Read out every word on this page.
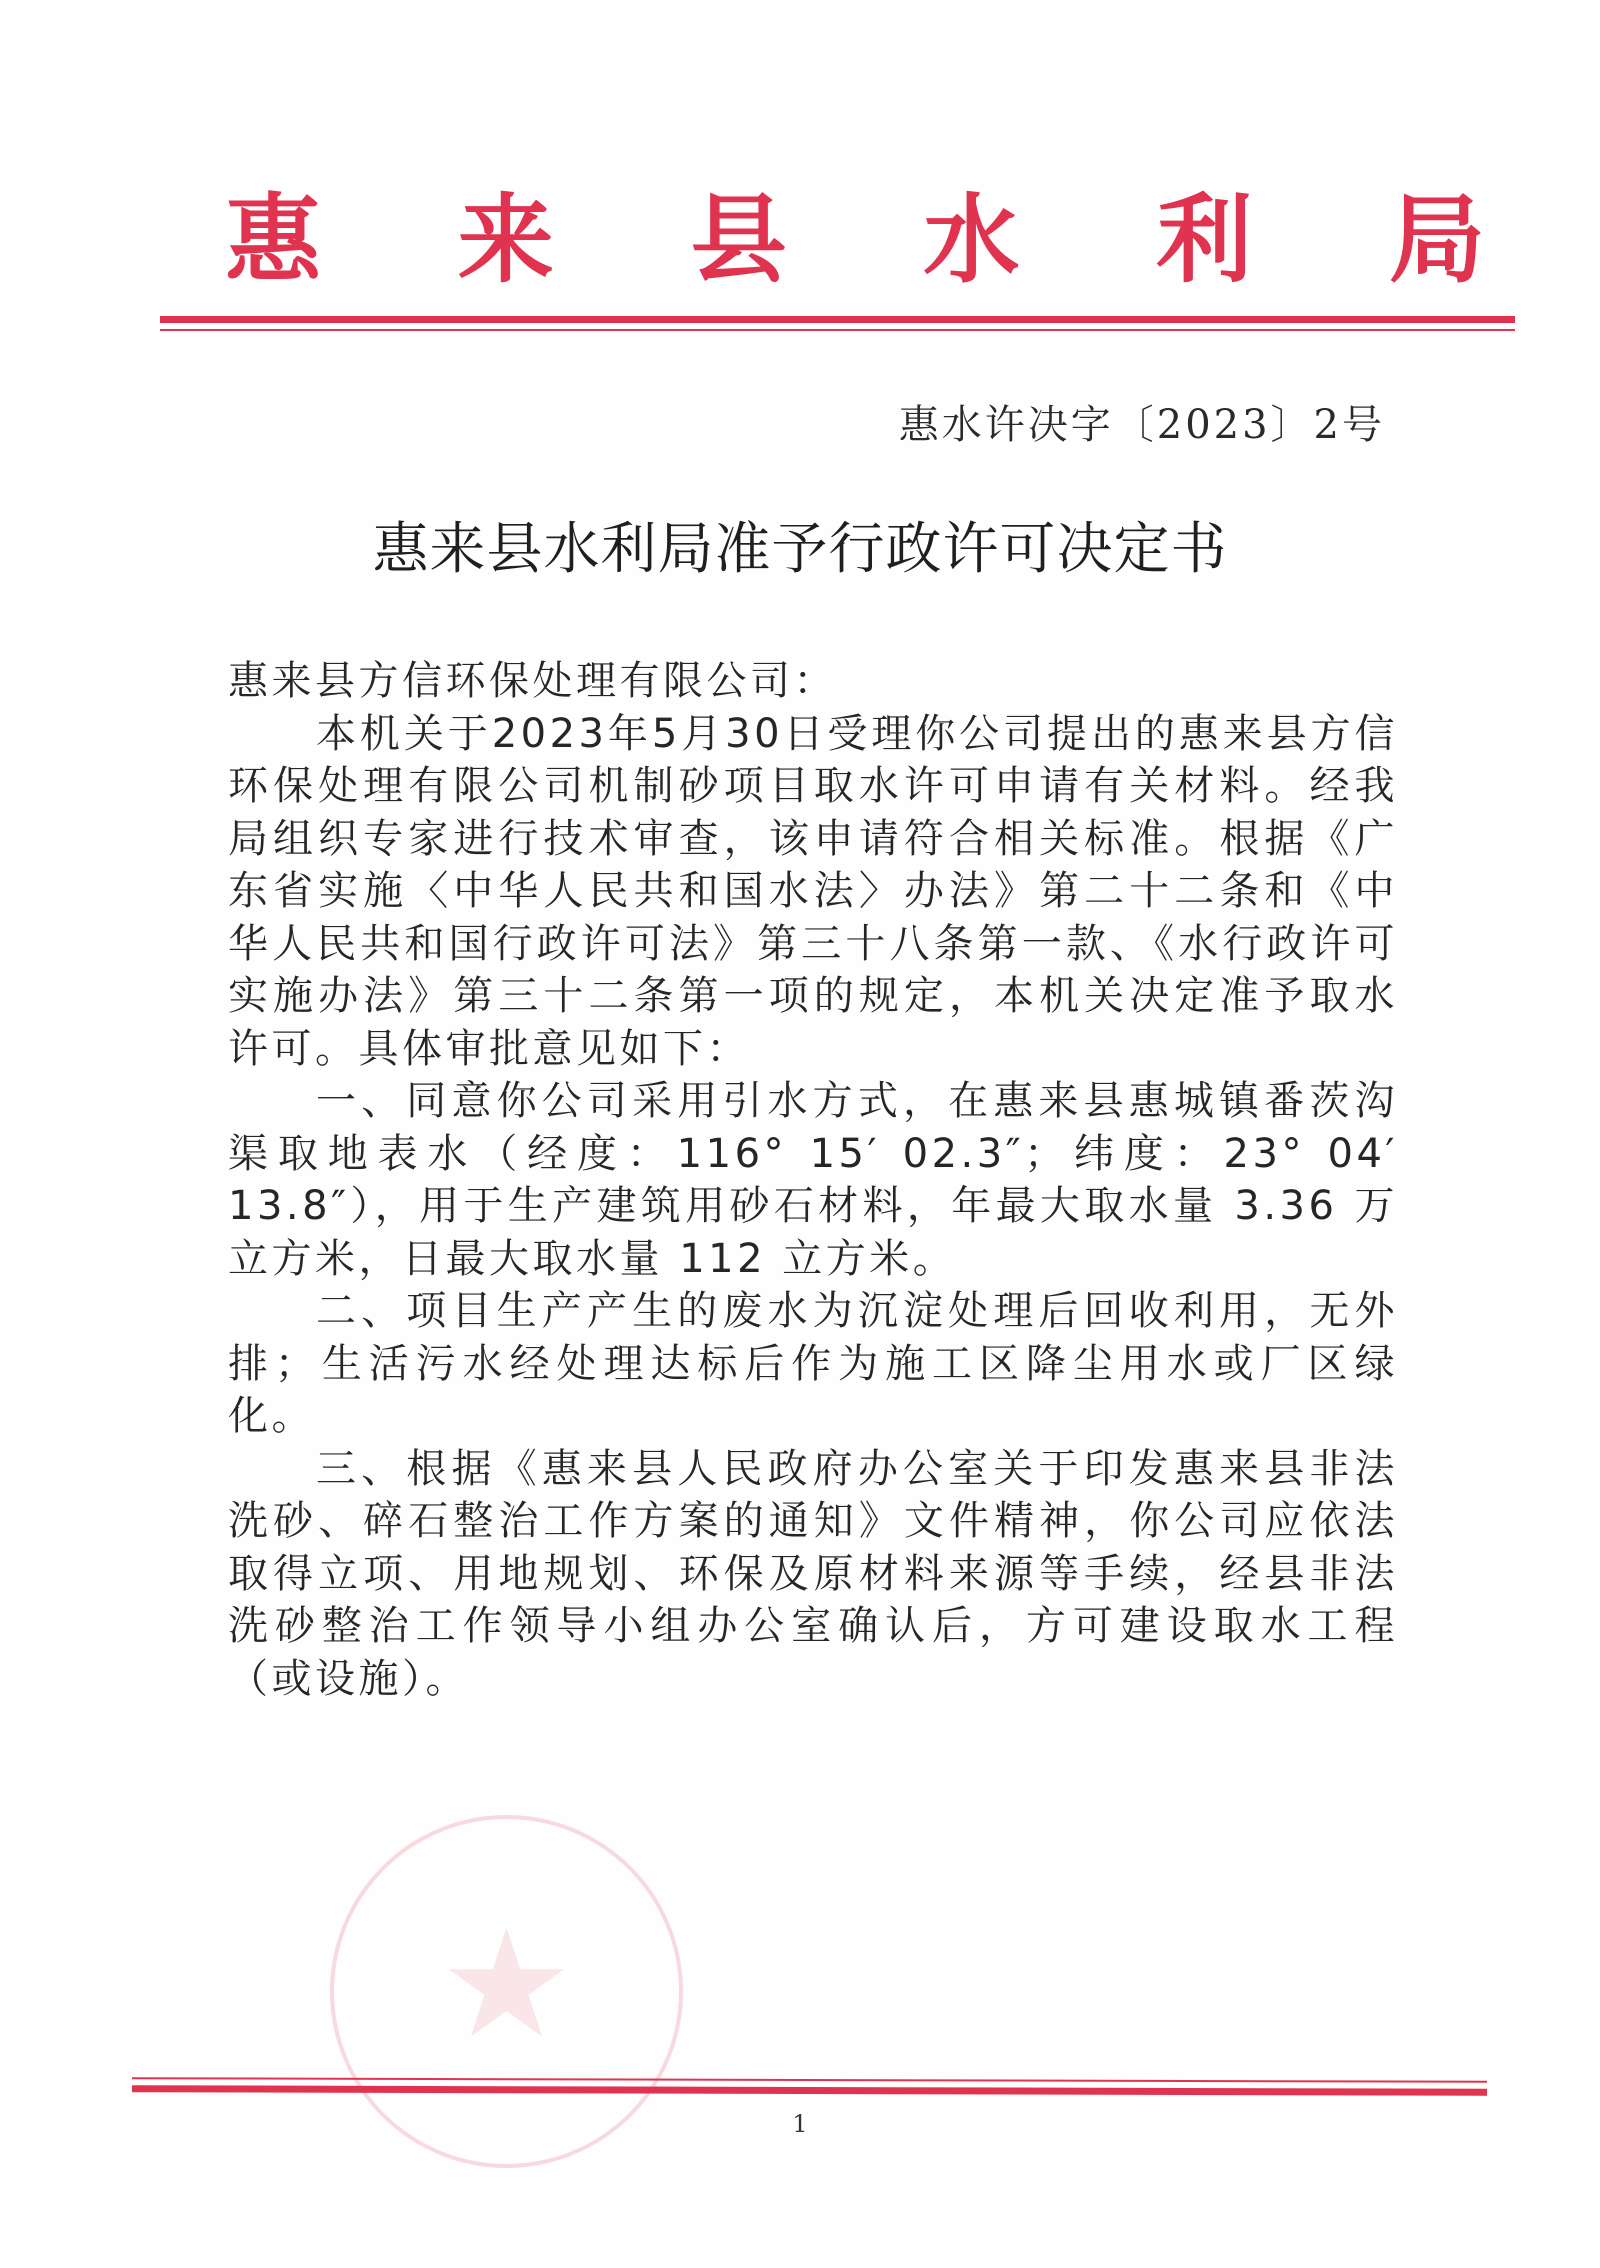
惠 来 县 水 利 局
惠水许决字〔2023〕2号
惠来县水利局准予行政许可决定书

惠来县方信环保处理有限公司：

本机关于2023年5月30日受理你公司提出的惠来县方信环保处理有限公司机制砂项目取水许可申请有关材料。经我局组织专家进行技术审查，该申请符合相关标准。根据《广东省实施〈中华人民共和国水法〉办法》第二十二条和《中华人民共和国行政许可法》第三十八条第一款、《水行政许可实施办法》第三十二条第一项的规定，本机关决定准予取水许可。具体审批意见如下：

一、同意你公司采用引水方式，在惠来县惠城镇番茨沟渠取地表水（经度：116° 15′ 02.3″；纬度：23° 04′ 13.8″），用于生产建筑用砂石材料，年最大取水量 3.36 万立方米，日最大取水量 112 立方米。

二、项目生产产生的废水为沉淀处理后回收利用，无外排；生活污水经处理达标后作为施工区降尘用水或厂区绿化。

三、根据《惠来县人民政府办公室关于印发惠来县非法洗砂、碎石整治工作方案的通知》文件精神，你公司应依法取得立项、用地规划、环保及原材料来源等手续，经县非法洗砂整治工作领导小组办公室确认后，方可建设取水工程（或设施）。

★
1
